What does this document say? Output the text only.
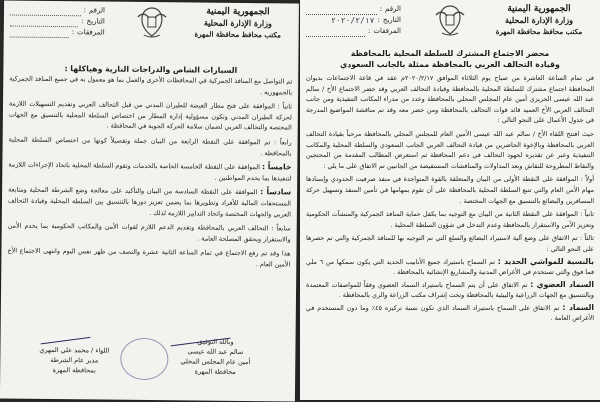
الجمهورية اليمنية
وزارة الإدارة المحلية
مكتب محافظ محافظة المهرة
الرقم
:
التاريخ
:
المرفقات
:
السيارات الشاص والدراجات النارية وهياكلها :
تم التواصل مع المنافذ الجمركية في المحافظات الأخرى والعمل بما هو معمول به في جميع المنافذ الجمركية بالجمهورية .
ثانياً : الموافقة على فتح مطار الغيضة للطيران المدني من قبل التحالف العربي وتقديم التسهيلات اللازمة لحركة الطيران المدني وتكون مسؤولية إدارة المطار من اختصاص السلطة المحلية بالتنسيق مع الجهات المختصة والتحالف العربي لضمان سلامة الحركة الجوية في المحافظة .
رابعاً : تم الموافقة على النقطة الرابعة من البيان جملة وتفصيلاً كونها من اختصاص السلطة المحلية بالمحافظة .
خامساً : الموافقة على النقطة الخامسة الخاصة بالخدمات وتقوم السلطة المحلية باتخاذ الإجراءات اللازمة لتنفيذها بما يخدم المواطنين .
سادساً : الموافقة على النقطة السادسة من البيان والتأكيد على معالجة وضع الشرطة المحلية ومتابعة المستحقات المالية للأفراد وتطويرها بما يضمن تعزيز دورها بالتنسيق بين السلطة المحلية وقيادة التحالف العربي والجهات المختصة واتخاذ التدابير اللازمة لذلك .
سابعاً : التحالف العربي بالمحافظة وتقديم الدعم اللازم لقوات الأمن والمكاتب الحكومية بما يخدم الأمن والاستقرار ويحقق المصلحة العامة .
هذا وقد تم رفع الاجتماع في تمام الساعة الثانية عشرة والنصف من ظهر نفس اليوم وانتهى الاجتماع الأخ الأمين العام .
وبالله التوفيق
سالم عبد الله عيسى
أمين عام المجلس المحلي
محافظة المهرة
اللواء / محمد علي المهري
مدير عام الشرطة
بمحافظة المهرة
الجمهورية اليمنية
وزارة الإدارة المحلية
مكتب محافظ محافظة المهرة
الرقم
:
التاريخ
:
٢٠٢٠/٢/١٧
المرفقات
:
محضر الاجتماع المشترك للسلطة المحلية بالمحافظة
وقيادة التحالف العربي بالمحافظة ممثلة بالجانب السعودي
في تمام الساعة العاشرة من صباح يوم الثلاثاء الموافق ٢٠٢٠/٢/١٧م عقد في قاعة الاجتماعات بديوان المحافظة اجتماع مشترك للسلطة المحلية بالمحافظة وقيادة التحالف العربي وقد حضر الاجتماع الأخ / سالم عبد الله عيسى الحريزي أمين عام المجلس المحلي بالمحافظة وعدد من مدراء المكاتب التنفيذية ومن جانب التحالف العربي الأخ العميد قائد قوات التحالف بالمحافظة ومن حضر معه وقد تم مناقشة المواضيع المدرجة في جدول الأعمال على النحو التالي :
حيث افتتح اللقاء الأخ / سالم عبد الله عيسى الأمين العام للمجلس المحلي بالمحافظة مرحباً بقيادة التحالف العربي بالمحافظة وبالإخوة الحاضرين من قيادة التحالف العربي الجانب السعودي والسلطة المحلية والمكاتب التنفيذية وعبر عن تقديره لجهود التحالف في دعم المحافظة ثم استعرض المطالب المقدمة من المحتجين والنقاط المطروحة للنقاش وبعد المداولات والمناقشات المستفيضة من الجانبين تم الاتفاق على ما يلي :
أولاً : الموافقة على النقطة الأولى من البيان والمتعلقة بالقوة المتواجدة في منفذ صرفيت الحدودي وإسنادها مهام الأمن العام والتي تتبع السلطة المحلية بالمحافظة على أن تقوم بمهامها في تأمين المنفذ وتسهيل حركة المسافرين والبضائع بالتنسيق مع الجهات المختصة .
ثانياً : الموافقة على النقطة الثانية من البيان مع التوجيه بما يكفل حماية المنافذ الجمركية والمنشآت الحكومية وتعزيز الأمن والاستقرار بالمحافظة وعدم التدخل في شؤون السلطة المحلية .
ثالثاً : تم الاتفاق على وضع آلية لاستيراد البضائع والسلع التي تم التوجيه بها للمنافذ الجمركية والتي تم حصرها على النحو التالي :
بالنسبة للمواشي الحديد : تم السماح باستيراد جميع الأنابيب الحديد التي يكون سمكها من ٦ ملي فما فوق والتي تستخدم في الأغراض المدنية والمشاريع الإنشائية بالمحافظة .
السماد العضوي : تم الاتفاق على أن يتم السماح باستيراد السماد العضوي وفقاً للمواصفات المعتمدة وبالتنسيق مع الجهات الزراعية والبيئية بالمحافظة وتحت إشراف مكتب الزراعة والري بالمحافظة .
السماد : تم الاتفاق على السماح باستيراد السماد الذي تكون نسبة تركيزه ٤٥٪ وما دون المستخدم في الأغراض العامة .
